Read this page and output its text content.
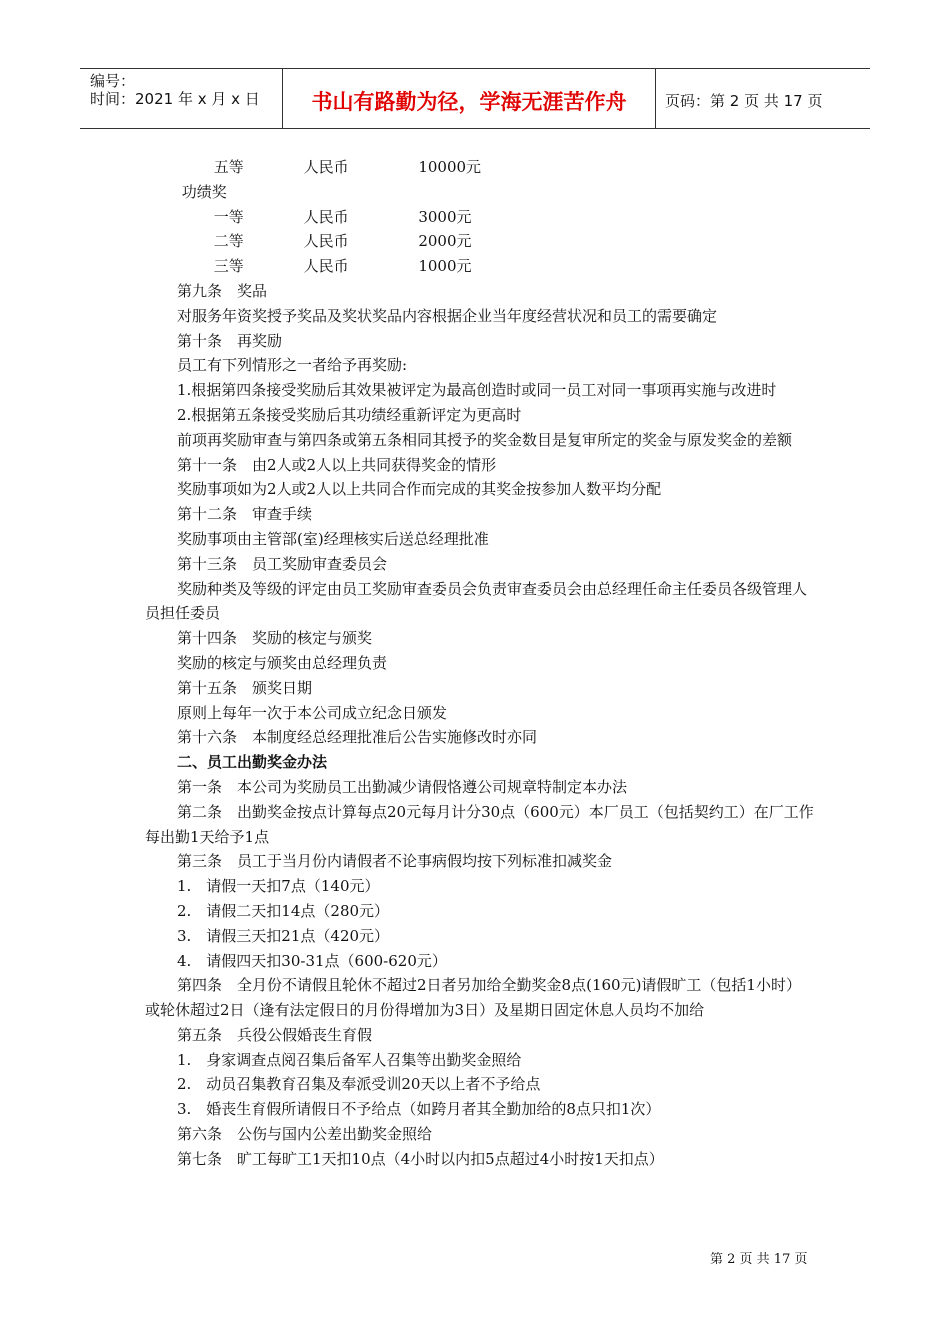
编号：
时间：2021 年 x 月 x 日	书山有路勤为径，学海无涯苦作舟	页码：第 2 页 共 17 页
五等	人民币	10000元
功绩奖
一等	人民币	3000元
二等	人民币	2000元
三等	人民币	1000元

第九条　奖品

对服务年资奖授予奖品及奖状奖品内容根据企业当年度经营状况和员工的需要确定

第十条　再奖励

员工有下列情形之一者给予再奖励:

1.根据第四条接受奖励后其效果被评定为最高创造时或同一员工对同一事项再实施与改进时

2.根据第五条接受奖励后其功绩经重新评定为更高时

前项再奖励审查与第四条或第五条相同其授予的奖金数目是复审所定的奖金与原发奖金的差额

第十一条　由2人或2人以上共同获得奖金的情形

奖励事项如为2人或2人以上共同合作而完成的其奖金按参加人数平均分配

第十二条　审查手续

奖励事项由主管部(室)经理核实后送总经理批准

第十三条　员工奖励审查委员会

奖励种类及等级的评定由员工奖励审查委员会负责审查委员会由总经理任命主任委员各级管理人员担任委员

第十四条　奖励的核定与颁奖

奖励的核定与颁奖由总经理负责

第十五条　颁奖日期

原则上每年一次于本公司成立纪念日颁发

第十六条　本制度经总经理批准后公告实施修改时亦同

二、员工出勤奖金办法

第一条　本公司为奖励员工出勤减少请假恪遵公司规章特制定本办法

第二条　出勤奖金按点计算每点20元每月计分30点（600元）本厂员工（包括契约工）在厂工作每出勤1天给予1点

第三条　员工于当月份内请假者不论事病假均按下列标准扣减奖金

1.　请假一天扣7点（140元）

2.　请假二天扣14点（280元）

3.　请假三天扣21点（420元）

4.　请假四天扣30-31点（600-620元）

第四条　全月份不请假且轮休不超过2日者另加给全勤奖金8点(160元)请假旷工（包括1小时）或轮休超过2日（逢有法定假日的月份得增加为3日）及星期日固定休息人员均不加给

第五条　兵役公假婚丧生育假

1.　身家调查点阅召集后备军人召集等出勤奖金照给

2.　动员召集教育召集及奉派受训20天以上者不予给点

3.　婚丧生育假所请假日不予给点（如跨月者其全勤加给的8点只扣1次）

第六条　公伤与国内公差出勤奖金照给

第七条　旷工每旷工1天扣10点（4小时以内扣5点超过4小时按1天扣点）

第 2 页 共 17 页
